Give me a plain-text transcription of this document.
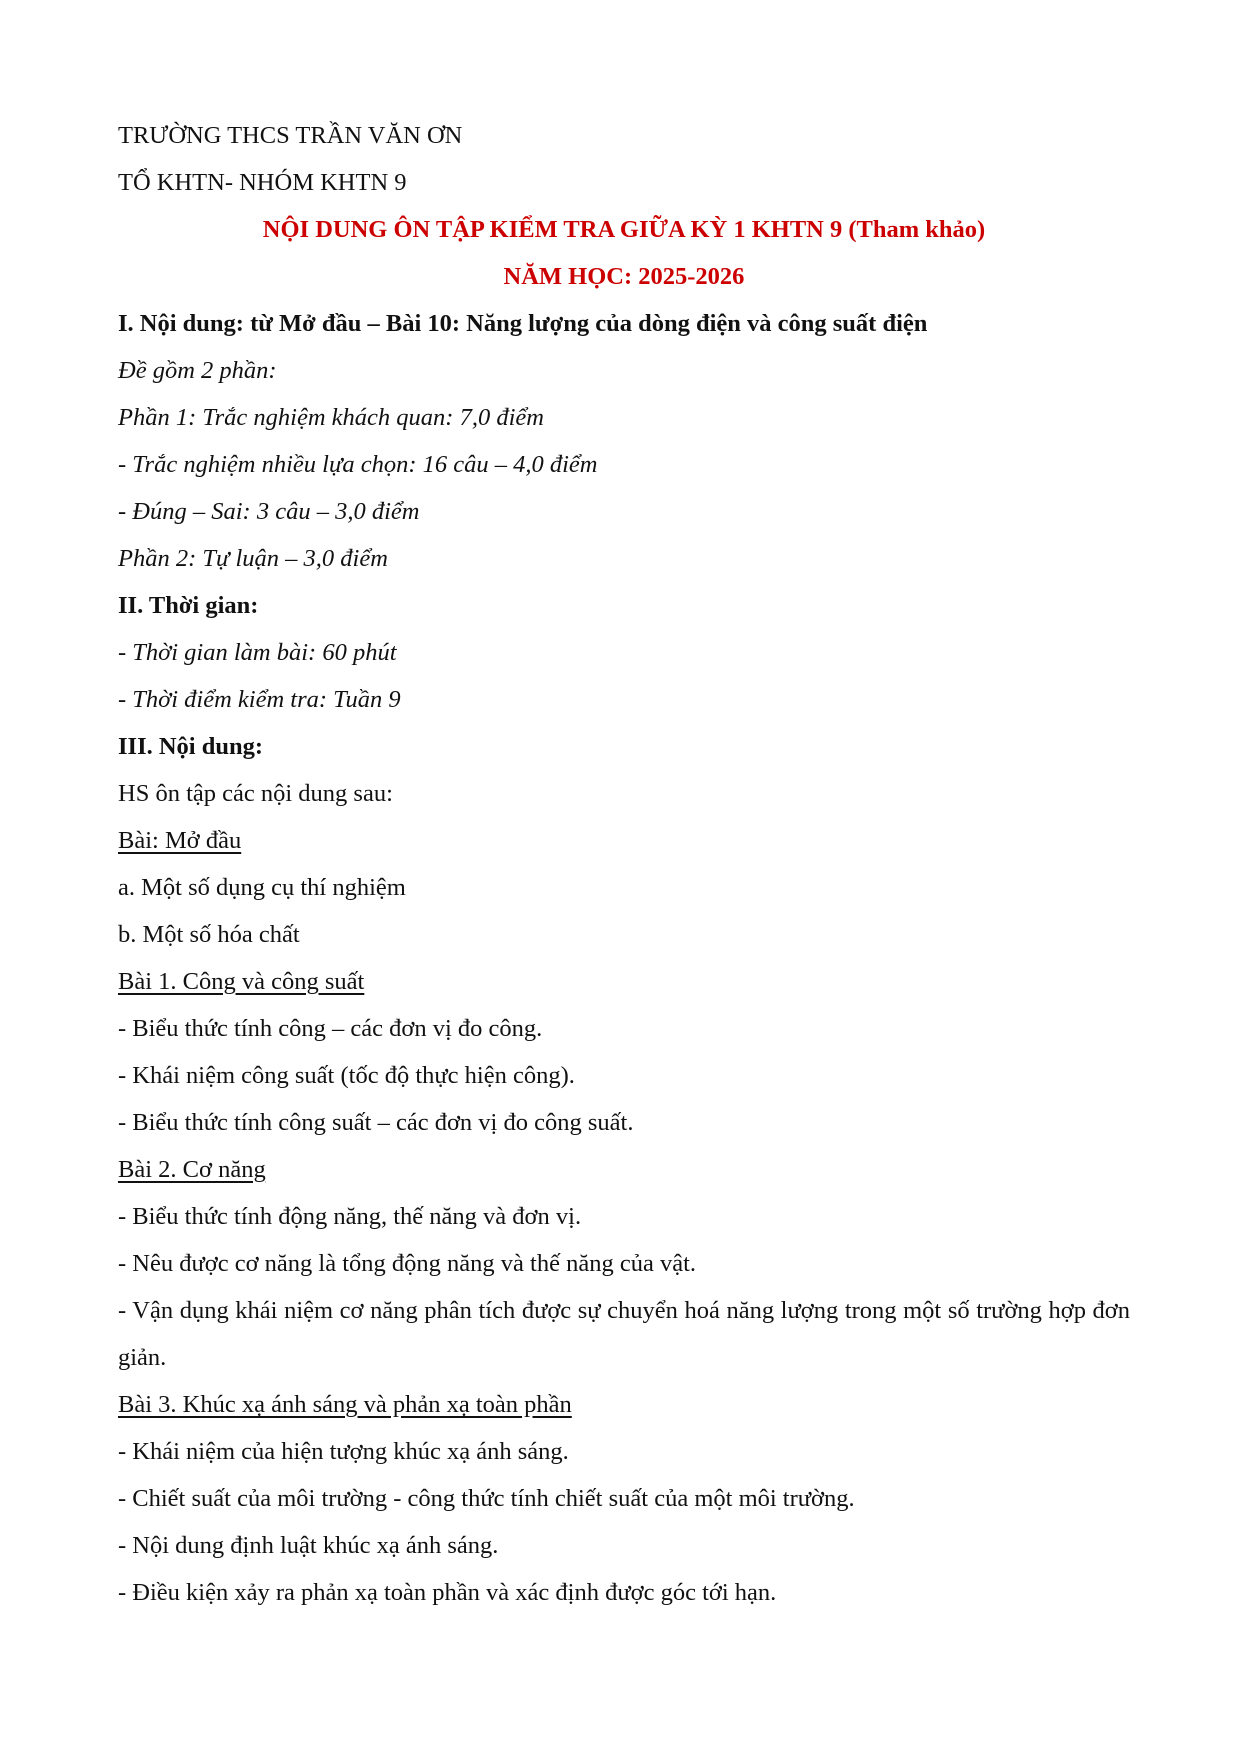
TRƯỜNG THCS TRẦN VĂN ƠN

TỔ KHTN- NHÓM KHTN 9

NỘI DUNG ÔN TẬP KIỂM TRA GIỮA KỲ 1 KHTN 9 (Tham khảo)

NĂM HỌC: 2025-2026

I. Nội dung: từ Mở đầu – Bài 10: Năng lượng của dòng điện và công suất điện

Đề gồm 2 phần:

Phần 1: Trắc nghiệm khách quan: 7,0 điểm

- Trắc nghiệm nhiều lựa chọn: 16 câu – 4,0 điểm

- Đúng – Sai: 3 câu – 3,0 điểm

Phần 2: Tự luận – 3,0 điểm

II. Thời gian:

- Thời gian làm bài: 60 phút

- Thời điểm kiểm tra: Tuần 9

III. Nội dung:

HS ôn tập các nội dung sau:

Bài: Mở đầu

a. Một số dụng cụ thí nghiệm

b. Một số hóa chất

Bài 1. Công và công suất

- Biểu thức tính công – các đơn vị đo công.

- Khái niệm công suất (tốc độ thực hiện công).

- Biểu thức tính công suất – các đơn vị đo công suất.

Bài 2. Cơ năng

- Biểu thức tính động năng, thế năng và đơn vị.

- Nêu được cơ năng là tổng động năng và thế năng của vật.

- Vận dụng khái niệm cơ năng phân tích được sự chuyển hoá năng lượng trong một số trường hợp đơn giản.

Bài 3. Khúc xạ ánh sáng và phản xạ toàn phần

- Khái niệm của hiện tượng khúc xạ ánh sáng.

- Chiết suất của môi trường - công thức tính chiết suất của một môi trường.

- Nội dung định luật khúc xạ ánh sáng.

- Điều kiện xảy ra phản xạ toàn phần và xác định được góc tới hạn.
